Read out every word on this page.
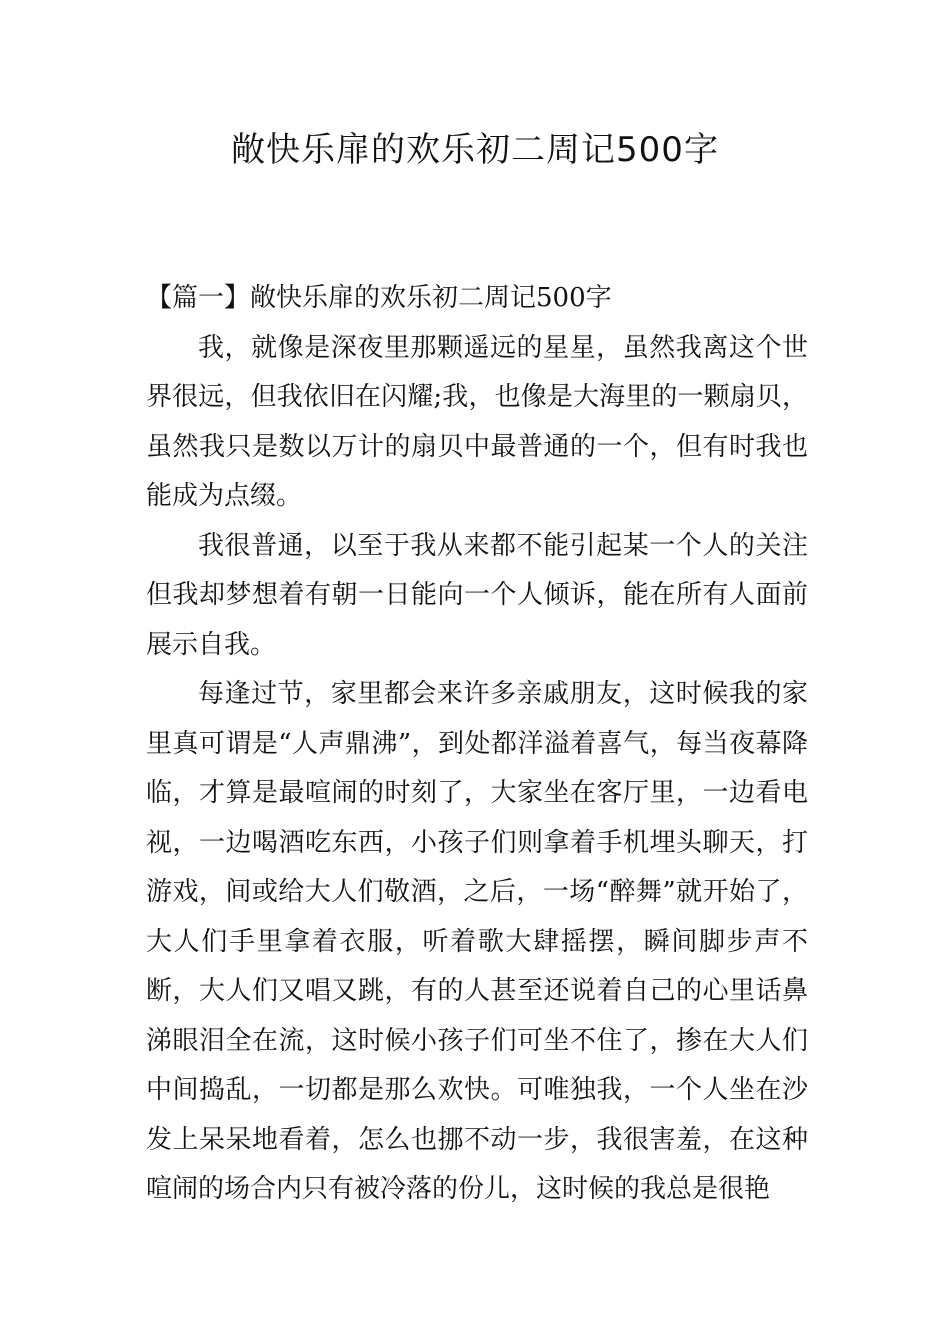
敞快乐扉的欢乐初二周记500字

【篇一】敞快乐扉的欢乐初二周记500字

我，就像是深夜里那颗遥远的星星，虽然我离这个世界很远，但我依旧在闪耀;我，也像是大海里的一颗扇贝，虽然我只是数以万计的扇贝中最普通的一个，但有时我也能成为点缀。

我很普通，以至于我从来都不能引起某一个人的关注但我却梦想着有朝一日能向一个人倾诉，能在所有人面前展示自我。

每逢过节，家里都会来许多亲戚朋友，这时候我的家里真可谓是“人声鼎沸”，到处都洋溢着喜气，每当夜幕降临，才算是最喧闹的时刻了，大家坐在客厅里，一边看电视，一边喝酒吃东西，小孩子们则拿着手机埋头聊天，打游戏，间或给大人们敬酒，之后，一场“醉舞”就开始了，大人们手里拿着衣服，听着歌大肆摇摆，瞬间脚步声不断，大人们又唱又跳，有的人甚至还说着自己的心里话鼻涕眼泪全在流，这时候小孩子们可坐不住了，掺在大人们中间捣乱，一切都是那么欢快。可唯独我，一个人坐在沙发上呆呆地看着，怎么也挪不动一步，我很害羞，在这种喧闹的场合内只有被冷落的份儿，这时候的我总是很艳
